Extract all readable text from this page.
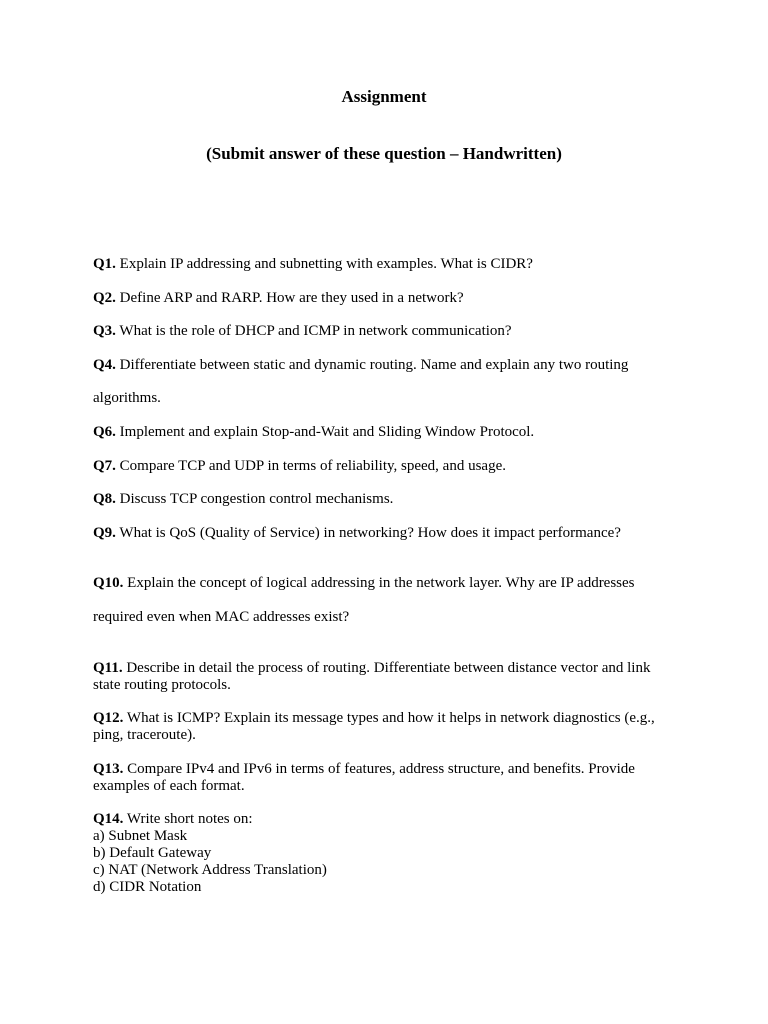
Assignment
(Submit answer of these question – Handwritten)
Q1. Explain IP addressing and subnetting with examples. What is CIDR?
Q2. Define ARP and RARP. How are they used in a network?
Q3. What is the role of DHCP and ICMP in network communication?
Q4. Differentiate between static and dynamic routing. Name and explain any two routing
algorithms.
Q6. Implement and explain Stop-and-Wait and Sliding Window Protocol.
Q7. Compare TCP and UDP in terms of reliability, speed, and usage.
Q8. Discuss TCP congestion control mechanisms.
Q9. What is QoS (Quality of Service) in networking? How does it impact performance?
Q10. Explain the concept of logical addressing in the network layer. Why are IP addresses
required even when MAC addresses exist?
Q11. Describe in detail the process of routing. Differentiate between distance vector and link
state routing protocols.
Q12. What is ICMP? Explain its message types and how it helps in network diagnostics (e.g.,
ping, traceroute).
Q13. Compare IPv4 and IPv6 in terms of features, address structure, and benefits. Provide
examples of each format.
Q14. Write short notes on:
a) Subnet Mask
b) Default Gateway
c) NAT (Network Address Translation)
d) CIDR Notation
